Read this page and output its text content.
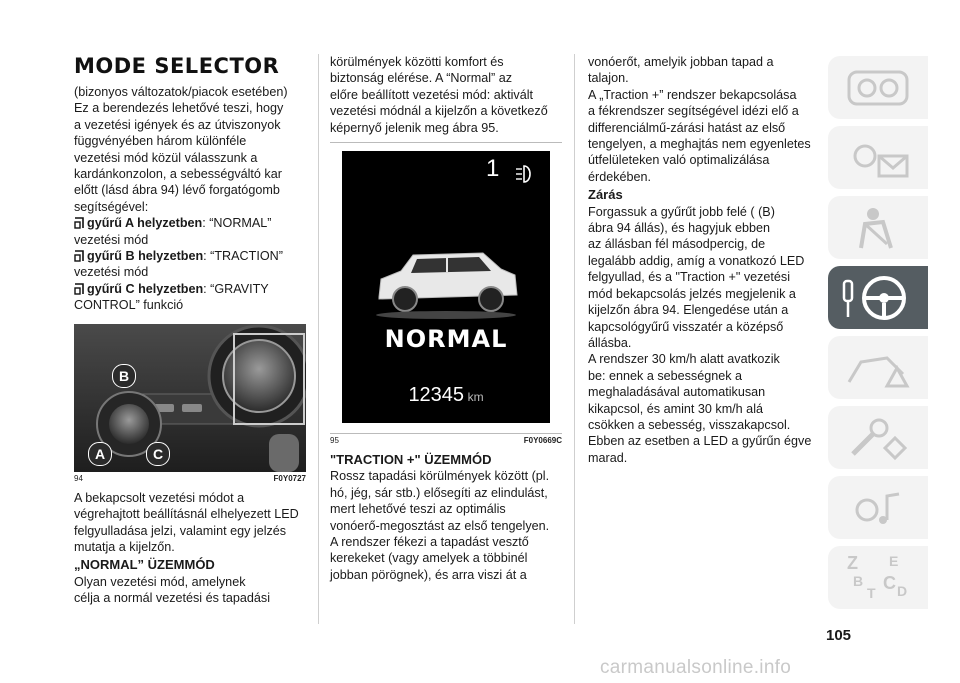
MODE SELECTOR

(bizonyos változatok/piacok esetében)

Ez a berendezés lehetővé teszi, hogy

a vezetési igények és az útviszonyok

függvényében három különféle

vezetési mód közül válasszunk a

kardánkonzolon, a sebességváltó kar

előtt (lásd ábra 94) lévő forgatógomb

segítségével:

gyűrű A helyzetben: “NORMAL”

vezetési mód

gyűrű B helyzetben: “TRACTION”

vezetési mód

gyűrű C helyzetben: “GRAVITY

CONTROL” funkció

B
A	C
94	F0Y0727

A bekapcsolt vezetési módot a

végrehajtott beállításnál elhelyezett LED

felgyulladása jelzi, valamint egy jelzés

mutatja a kijelzőn.

„NORMAL” ÜZEMMÓD

Olyan vezetési mód, amelynek

célja a normál vezetési és tapadási

körülmények közötti komfort és

biztonság elérése. A “Normal” az

előre beállított vezetési mód: aktivált

vezetési módnál a kijelzőn a következő

képernyő jelenik meg ábra 95.

1
NORMAL
12345 km
95	F0Y0669C
"TRACTION +" ÜZEMMÓD

Rossz tapadási körülmények között (pl.

hó, jég, sár stb.) elősegíti az elindulást,

mert lehetővé teszi az optimális

vonóerő-megosztást az első tengelyen.

A rendszer fékezi a tapadást vesztő

kerekeket (vagy amelyek a többinél

jobban pörögnek), és arra viszi át a

vonóerőt, amelyik jobban tapad a

talajon.

A „Traction +” rendszer bekapcsolása

a fékrendszer segítségével idézi elő a

differenciálmű-zárási hatást az első

tengelyen, a meghajtás nem egyenletes

útfelületeken való optimalizálása

érdekében.

Zárás

Forgassuk a gyűrűt jobb felé ( (B)

ábra 94 állás), és hagyjuk ebben

az állásban fél másodpercig, de

legalább addig, amíg a vonatkozó LED

felgyullad, és a "Traction +" vezetési

mód bekapcsolás jelzés megjelenik a

kijelzőn ábra 94. Elengedése után a

kapcsológyűrű visszatér a középső

állásba.

A rendszer 30 km/h alatt avatkozik

be: ennek a sebességnek a

meghaladásával automatikusan

kikapcsol, és amint 30 km/h alá

csökken a sebesség, visszakapcsol.

Ebben az esetben a LED a gyűrűn égve

marad.

Z E
B C
T D
105
carmanualsonline.info
